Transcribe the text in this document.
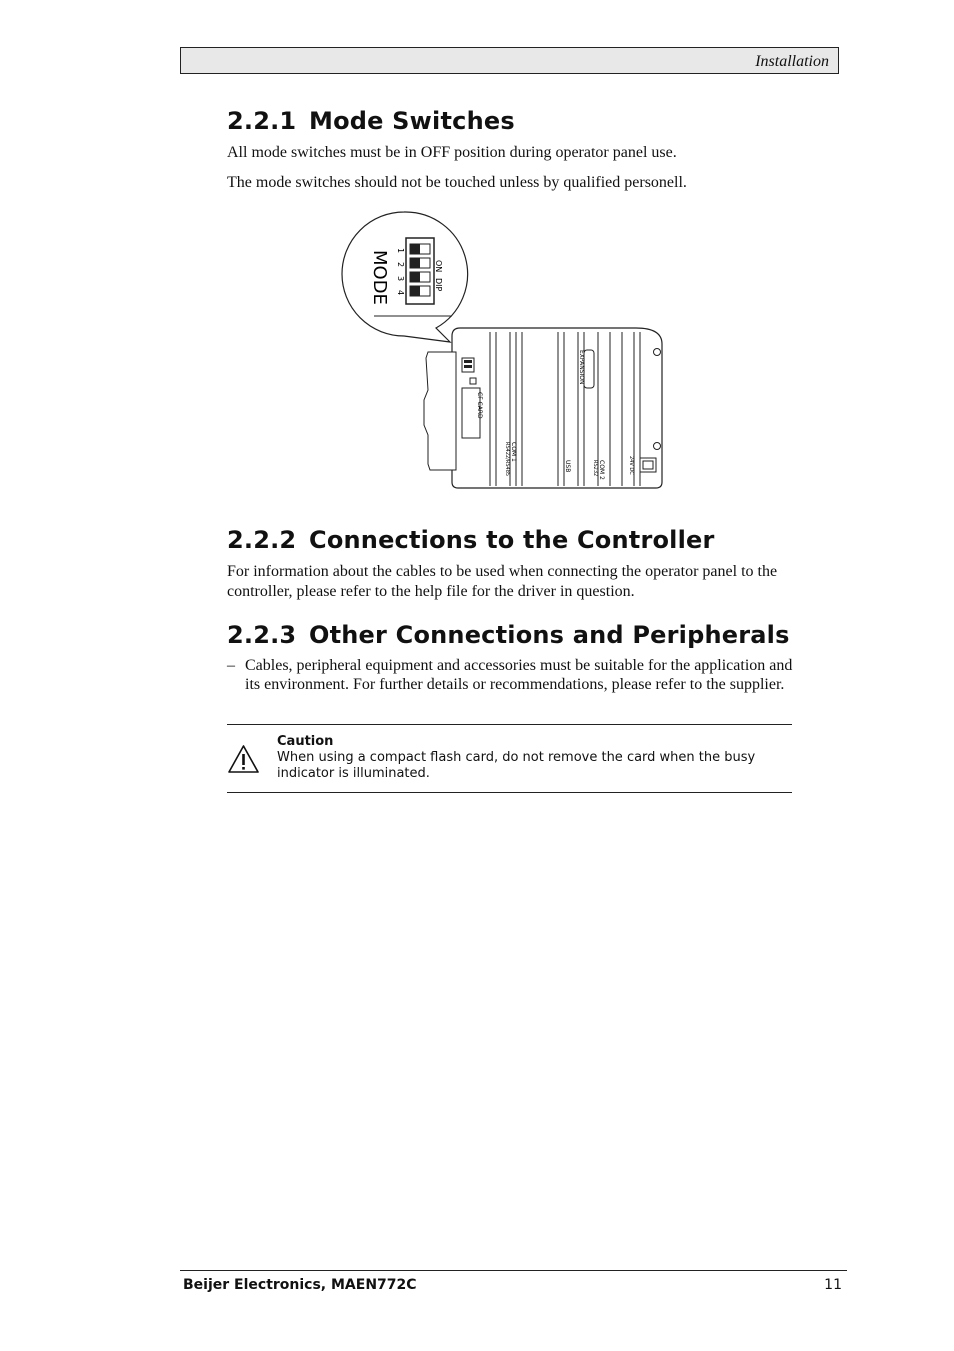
Installation
2.2.1 Mode Switches

All mode switches must be in OFF position during operator panel use.

The mode switches should not be touched unless by qualified personell.

MODE	ON
DIP
1
2
3
4
CF CARD
EXPANSION
COM 1
RS422/RS485	COM 2
RS232
USB	24V DC
2.2.2 Connections to the Controller

For information about the cables to be used when connecting the operator panel to the controller, please refer to the help file for the driver in question.

2.2.3 Other Connections and Peripherals
– Cables, peripheral equipment and accessories must be suitable for the application and its environment. For further details or recommendations, please refer to the supplier.
Caution
When using a compact flash card, do not remove the card when the busy indicator is illuminated.
Beijer Electronics, MAEN772C	11
